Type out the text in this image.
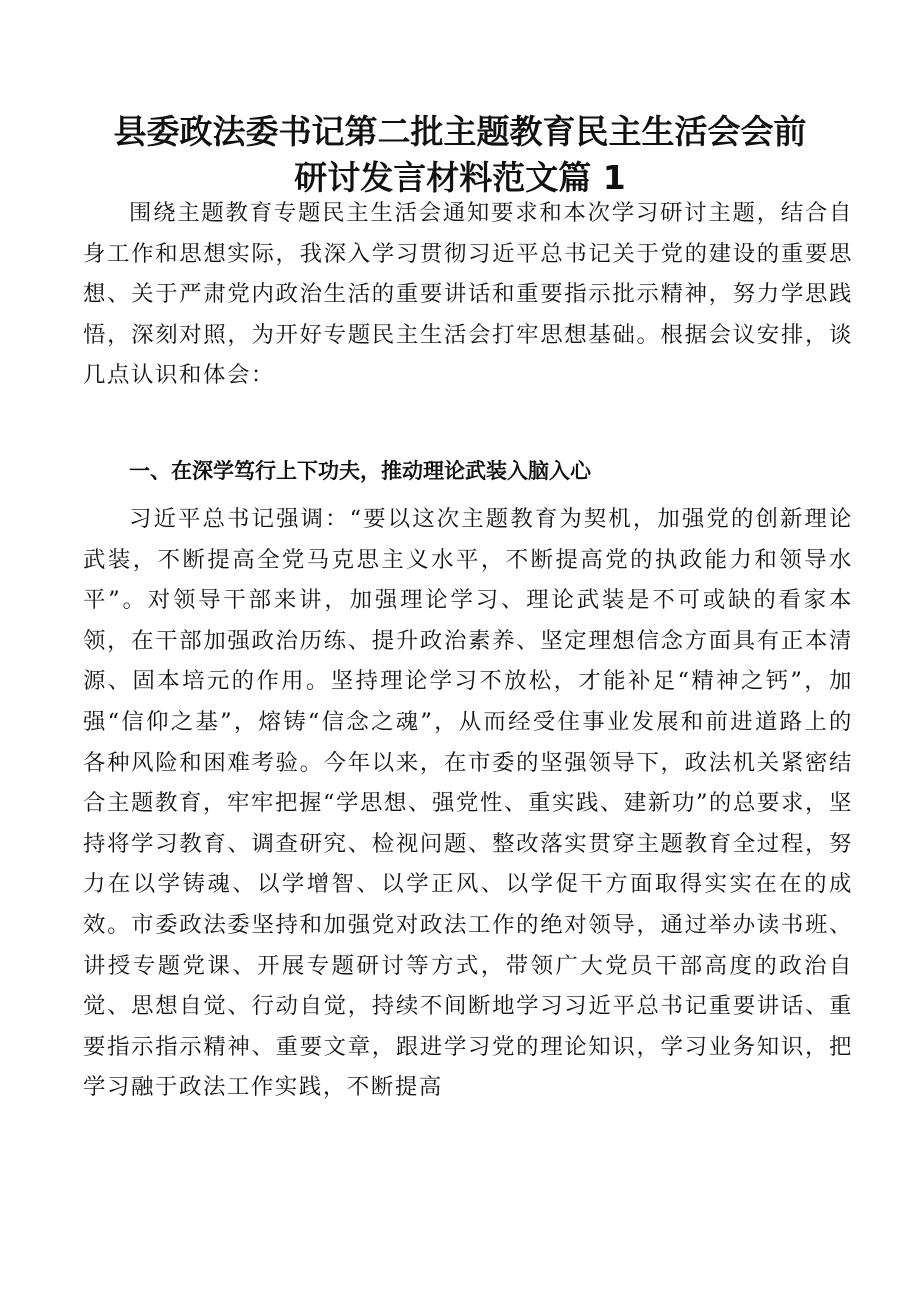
县委政法委书记第二批主题教育民主生活会会前
研讨发言材料范文篇 1

围绕主题教育专题民主生活会通知要求和本次学习研讨主题，结合自身工作和思想实际，我深入学习贯彻习近平总书记关于党的建设的重要思想、关于严肃党内政治生活的重要讲话和重要指示批示精神，努力学思践悟，深刻对照，为开好专题民主生活会打牢思想基础。根据会议安排，谈几点认识和体会：

一、在深学笃行上下功夫，推动理论武装入脑入心

习近平总书记强调：“要以这次主题教育为契机，加强党的创新理论武装，不断提高全党马克思主义水平，不断提高党的执政能力和领导水平”。对领导干部来讲，加强理论学习、理论武装是不可或缺的看家本领，在干部加强政治历练、提升政治素养、坚定理想信念方面具有正本清源、固本培元的作用。坚持理论学习不放松，才能补足“精神之钙”，加强“信仰之基”，熔铸“信念之魂”，从而经受住事业发展和前进道路上的各种风险和困难考验。今年以来，在市委的坚强领导下，政法机关紧密结合主题教育，牢牢把握“学思想、强党性、重实践、建新功”的总要求，坚持将学习教育、调查研究、检视问题、整改落实贯穿主题教育全过程，努力在以学铸魂、以学增智、以学正风、以学促干方面取得实实在在的成效。市委政法委坚持和加强党对政法工作的绝对领导，通过举办读书班、讲授专题党课、开展专题研讨等方式，带领广大党员干部高度的政治自觉、思想自觉、行动自觉，持续不间断地学习习近平总书记重要讲话、重要指示指示精神、重要文章，跟进学习党的理论知识，学习业务知识，把学习融于政法工作实践，不断提高
